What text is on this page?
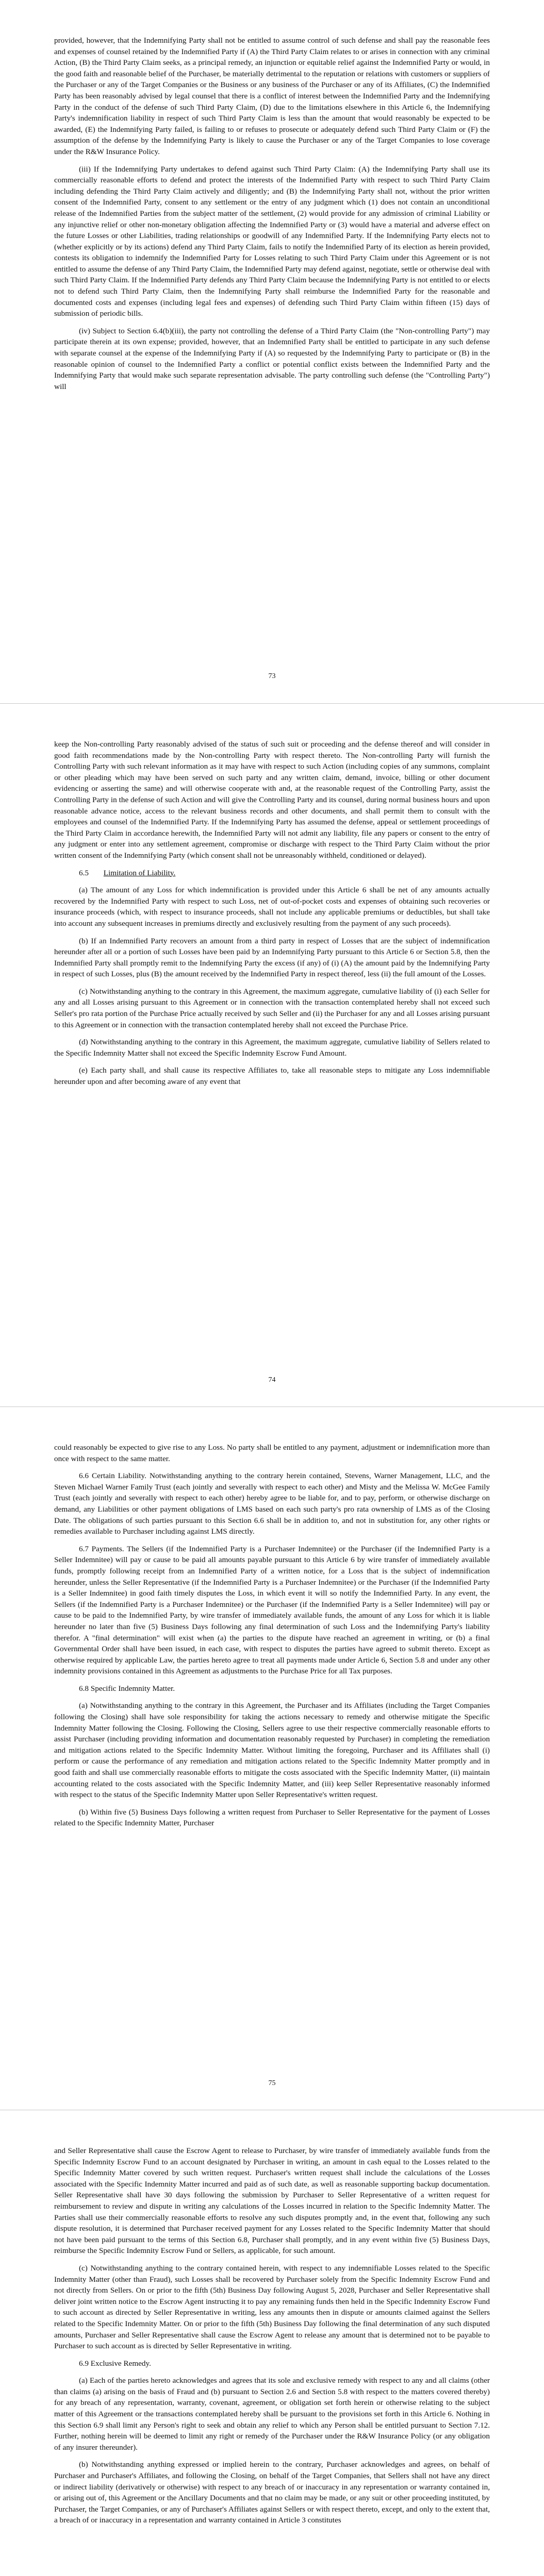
provided, however, that the Indemnifying Party shall not be entitled to assume control of such defense and shall pay the reasonable fees and expenses of counsel retained by the Indemnified Party if (A) the Third Party Claim relates to or arises in connection with any criminal Action, (B) the Third Party Claim seeks, as a principal remedy, an injunction or equitable relief against the Indemnified Party or would, in the good faith and reasonable belief of the Purchaser, be materially detrimental to the reputation or relations with customers or suppliers of the Purchaser or any of the Target Companies or the Business or any business of the Purchaser or any of its Affiliates, (C) the Indemnified Party has been reasonably advised by legal counsel that there is a conflict of interest between the Indemnified Party and the Indemnifying Party in the conduct of the defense of such Third Party Claim, (D) due to the limitations elsewhere in this Article 6, the Indemnifying Party's indemnification liability in respect of such Third Party Claim is less than the amount that would reasonably be expected to be awarded, (E) the Indemnifying Party failed, is failing to or refuses to prosecute or adequately defend such Third Party Claim or (F) the assumption of the defense by the Indemnifying Party is likely to cause the Purchaser or any of the Target Companies to lose coverage under the R&W Insurance Policy.

(iii) If the Indemnifying Party undertakes to defend against such Third Party Claim: (A) the Indemnifying Party shall use its commercially reasonable efforts to defend and protect the interests of the Indemnified Party with respect to such Third Party Claim including defending the Third Party Claim actively and diligently; and (B) the Indemnifying Party shall not, without the prior written consent of the Indemnified Party, consent to any settlement or the entry of any judgment which (1) does not contain an unconditional release of the Indemnified Parties from the subject matter of the settlement, (2) would provide for any admission of criminal Liability or any injunctive relief or other non-monetary obligation affecting the Indemnified Party or (3) would have a material and adverse effect on the future Losses or other Liabilities, trading relationships or goodwill of any Indemnified Party. If the Indemnifying Party elects not to (whether explicitly or by its actions) defend any Third Party Claim, fails to notify the Indemnified Party of its election as herein provided, contests its obligation to indemnify the Indemnified Party for Losses relating to such Third Party Claim under this Agreement or is not entitled to assume the defense of any Third Party Claim, the Indemnified Party may defend against, negotiate, settle or otherwise deal with such Third Party Claim. If the Indemnified Party defends any Third Party Claim because the Indemnifying Party is not entitled to or elects not to defend such Third Party Claim, then the Indemnifying Party shall reimburse the Indemnified Party for the reasonable and documented costs and expenses (including legal fees and expenses) of defending such Third Party Claim within fifteen (15) days of submission of periodic bills.

(iv) Subject to Section 6.4(b)(iii), the party not controlling the defense of a Third Party Claim (the "Non-controlling Party") may participate therein at its own expense; provided, however, that an Indemnified Party shall be entitled to participate in any such defense with separate counsel at the expense of the Indemnifying Party if (A) so requested by the Indemnifying Party to participate or (B) in the reasonable opinion of counsel to the Indemnified Party a conflict or potential conflict exists between the Indemnified Party and the Indemnifying Party that would make such separate representation advisable. The party controlling such defense (the "Controlling Party") will

73

keep the Non-controlling Party reasonably advised of the status of such suit or proceeding and the defense thereof and will consider in good faith recommendations made by the Non-controlling Party with respect thereto. The Non-controlling Party will furnish the Controlling Party with such relevant information as it may have with respect to such Action (including copies of any summons, complaint or other pleading which may have been served on such party and any written claim, demand, invoice, billing or other document evidencing or asserting the same) and will otherwise cooperate with and, at the reasonable request of the Controlling Party, assist the Controlling Party in the defense of such Action and will give the Controlling Party and its counsel, during normal business hours and upon reasonable advance notice, access to the relevant business records and other documents, and shall permit them to consult with the employees and counsel of the Indemnified Party. If the Indemnifying Party has assumed the defense, appeal or settlement proceedings of the Third Party Claim in accordance herewith, the Indemnified Party will not admit any liability, file any papers or consent to the entry of any judgment or enter into any settlement agreement, compromise or discharge with respect to the Third Party Claim without the prior written consent of the Indemnifying Party (which consent shall not be unreasonably withheld, conditioned or delayed).

6.5 Limitation of Liability.

(a) The amount of any Loss for which indemnification is provided under this Article 6 shall be net of any amounts actually recovered by the Indemnified Party with respect to such Loss, net of out-of-pocket costs and expenses of obtaining such recoveries or insurance proceeds (which, with respect to insurance proceeds, shall not include any applicable premiums or deductibles, but shall take into account any subsequent increases in premiums directly and exclusively resulting from the payment of any such proceeds).

(b) If an Indemnified Party recovers an amount from a third party in respect of Losses that are the subject of indemnification hereunder after all or a portion of such Losses have been paid by an Indemnifying Party pursuant to this Article 6 or Section 5.8, then the Indemnified Party shall promptly remit to the Indemnifying Party the excess (if any) of (i) (A) the amount paid by the Indemnifying Party in respect of such Losses, plus (B) the amount received by the Indemnified Party in respect thereof, less (ii) the full amount of the Losses.

(c) Notwithstanding anything to the contrary in this Agreement, the maximum aggregate, cumulative liability of (i) each Seller for any and all Losses arising pursuant to this Agreement or in connection with the transaction contemplated hereby shall not exceed such Seller's pro rata portion of the Purchase Price actually received by such Seller and (ii) the Purchaser for any and all Losses arising pursuant to this Agreement or in connection with the transaction contemplated hereby shall not exceed the Purchase Price.

(d) Notwithstanding anything to the contrary in this Agreement, the maximum aggregate, cumulative liability of Sellers related to the Specific Indemnity Matter shall not exceed the Specific Indemnity Escrow Fund Amount.

(e) Each party shall, and shall cause its respective Affiliates to, take all reasonable steps to mitigate any Loss indemnifiable hereunder upon and after becoming aware of any event that

74

could reasonably be expected to give rise to any Loss. No party shall be entitled to any payment, adjustment or indemnification more than once with respect to the same matter.

6.6 Certain Liability. Notwithstanding anything to the contrary herein contained, Stevens, Warner Management, LLC, and the Steven Michael Warner Family Trust (each jointly and severally with respect to each other) and Misty and the Melissa W. McGee Family Trust (each jointly and severally with respect to each other) hereby agree to be liable for, and to pay, perform, or otherwise discharge on demand, any Liabilities or other payment obligations of LMS based on each such party's pro rata ownership of LMS as of the Closing Date. The obligations of such parties pursuant to this Section 6.6 shall be in addition to, and not in substitution for, any other rights or remedies available to Purchaser including against LMS directly.

6.7 Payments. The Sellers (if the Indemnified Party is a Purchaser Indemnitee) or the Purchaser (if the Indemnified Party is a Seller Indemnitee) will pay or cause to be paid all amounts payable pursuant to this Article 6 by wire transfer of immediately available funds, promptly following receipt from an Indemnified Party of a written notice, for a Loss that is the subject of indemnification hereunder, unless the Seller Representative (if the Indemnified Party is a Purchaser Indemnitee) or the Purchaser (if the Indemnified Party is a Seller Indemnitee) in good faith timely disputes the Loss, in which event it will so notify the Indemnified Party. In any event, the Sellers (if the Indemnified Party is a Purchaser Indemnitee) or the Purchaser (if the Indemnified Party is a Seller Indemnitee) will pay or cause to be paid to the Indemnified Party, by wire transfer of immediately available funds, the amount of any Loss for which it is liable hereunder no later than five (5) Business Days following any final determination of such Loss and the Indemnifying Party's liability therefor. A "final determination" will exist when (a) the parties to the dispute have reached an agreement in writing, or (b) a final Governmental Order shall have been issued, in each case, with respect to disputes the parties have agreed to submit thereto. Except as otherwise required by applicable Law, the parties hereto agree to treat all payments made under Article 6, Section 5.8 and under any other indemnity provisions contained in this Agreement as adjustments to the Purchase Price for all Tax purposes.

6.8 Specific Indemnity Matter.

(a) Notwithstanding anything to the contrary in this Agreement, the Purchaser and its Affiliates (including the Target Companies following the Closing) shall have sole responsibility for taking the actions necessary to remedy and otherwise mitigate the Specific Indemnity Matter following the Closing. Following the Closing, Sellers agree to use their respective commercially reasonable efforts to assist Purchaser (including providing information and documentation reasonably requested by Purchaser) in completing the remediation and mitigation actions related to the Specific Indemnity Matter. Without limiting the foregoing, Purchaser and its Affiliates shall (i) perform or cause the performance of any remediation and mitigation actions related to the Specific Indemnity Matter promptly and in good faith and shall use commercially reasonable efforts to mitigate the costs associated with the Specific Indemnity Matter, (ii) maintain accounting related to the costs associated with the Specific Indemnity Matter, and (iii) keep Seller Representative reasonably informed with respect to the status of the Specific Indemnity Matter upon Seller Representative's written request.

(b) Within five (5) Business Days following a written request from Purchaser to Seller Representative for the payment of Losses related to the Specific Indemnity Matter, Purchaser

75

and Seller Representative shall cause the Escrow Agent to release to Purchaser, by wire transfer of immediately available funds from the Specific Indemnity Escrow Fund to an account designated by Purchaser in writing, an amount in cash equal to the Losses related to the Specific Indemnity Matter covered by such written request. Purchaser's written request shall include the calculations of the Losses associated with the Specific Indemnity Matter incurred and paid as of such date, as well as reasonable supporting backup documentation. Seller Representative shall have 30 days following the submission by Purchaser to Seller Representative of a written request for reimbursement to review and dispute in writing any calculations of the Losses incurred in relation to the Specific Indemnity Matter. The Parties shall use their commercially reasonable efforts to resolve any such disputes promptly and, in the event that, following any such dispute resolution, it is determined that Purchaser received payment for any Losses related to the Specific Indemnity Matter that should not have been paid pursuant to the terms of this Section 6.8, Purchaser shall promptly, and in any event within five (5) Business Days, reimburse the Specific Indemnity Escrow Fund or Sellers, as applicable, for such amount.

(c) Notwithstanding anything to the contrary contained herein, with respect to any indemnifiable Losses related to the Specific Indemnity Matter (other than Fraud), such Losses shall be recovered by Purchaser solely from the Specific Indemnity Escrow Fund and not directly from Sellers. On or prior to the fifth (5th) Business Day following August 5, 2028, Purchaser and Seller Representative shall deliver joint written notice to the Escrow Agent instructing it to pay any remaining funds then held in the Specific Indemnity Escrow Fund to such account as directed by Seller Representative in writing, less any amounts then in dispute or amounts claimed against the Sellers related to the Specific Indemnity Matter. On or prior to the fifth (5th) Business Day following the final determination of any such disputed amounts, Purchaser and Seller Representative shall cause the Escrow Agent to release any amount that is determined not to be payable to Purchaser to such account as is directed by Seller Representative in writing.

6.9 Exclusive Remedy.

(a) Each of the parties hereto acknowledges and agrees that its sole and exclusive remedy with respect to any and all claims (other than claims (a) arising on the basis of Fraud and (b) pursuant to Section 2.6 and Section 5.8 with respect to the matters covered thereby) for any breach of any representation, warranty, covenant, agreement, or obligation set forth herein or otherwise relating to the subject matter of this Agreement or the transactions contemplated hereby shall be pursuant to the provisions set forth in this Article 6. Nothing in this Section 6.9 shall limit any Person's right to seek and obtain any relief to which any Person shall be entitled pursuant to Section 7.12. Further, nothing herein will be deemed to limit any right or remedy of the Purchaser under the R&W Insurance Policy (or any obligation of any insurer thereunder).

(b) Notwithstanding anything expressed or implied herein to the contrary, Purchaser acknowledges and agrees, on behalf of Purchaser and Purchaser's Affiliates, and following the Closing, on behalf of the Target Companies, that Sellers shall not have any direct or indirect liability (derivatively or otherwise) with respect to any breach of or inaccuracy in any representation or warranty contained in, or arising out of, this Agreement or the Ancillary Documents and that no claim may be made, or any suit or other proceeding instituted, by Purchaser, the Target Companies, or any of Purchaser's Affiliates against Sellers or with respect thereto, except, and only to the extent that, a breach of or inaccuracy in a representation and warranty contained in Article 3 constitutes
